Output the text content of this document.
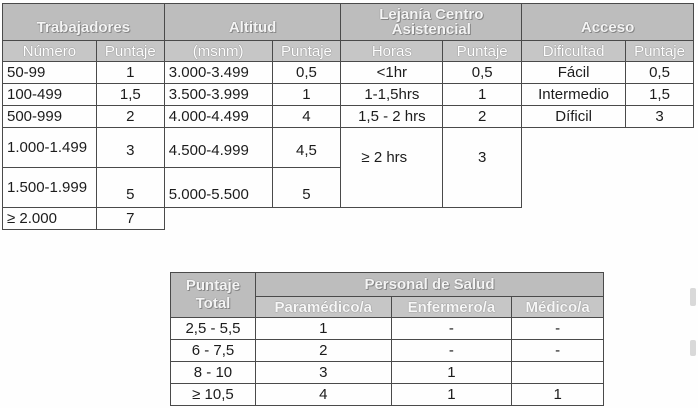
Trabajadores		Altitud		Lejanía Centro Asistencial		Acceso	
Número	Puntaje	(msnm)	Puntaje	Horas	Puntaje	Dificultad	Puntaje
50-99	1	3.000-3.499	0,5	<1hr	0,5	Fácil	0,5
100-499	1,5	3.500-3.999	1	1-1,5hrs	1	Intermedio	1,5
500-999	2	4.000-4.499	4	1,5 - 2 hrs	2	Díficil	3
1.000-1.499	3	4.500-4.999	4,5	≥ 2 hrs	3		
1.500-1.999	5	5.000-5.500	5				
≥ 2.000	7						
Puntaje Total	Personal de Salud		
	Paramédico/a	Enfermero/a	Médico/a
2,5 - 5,5	1	-	-
6 - 7,5	2	-	-
8 - 10	3	1	
≥ 10,5	4	1	1
